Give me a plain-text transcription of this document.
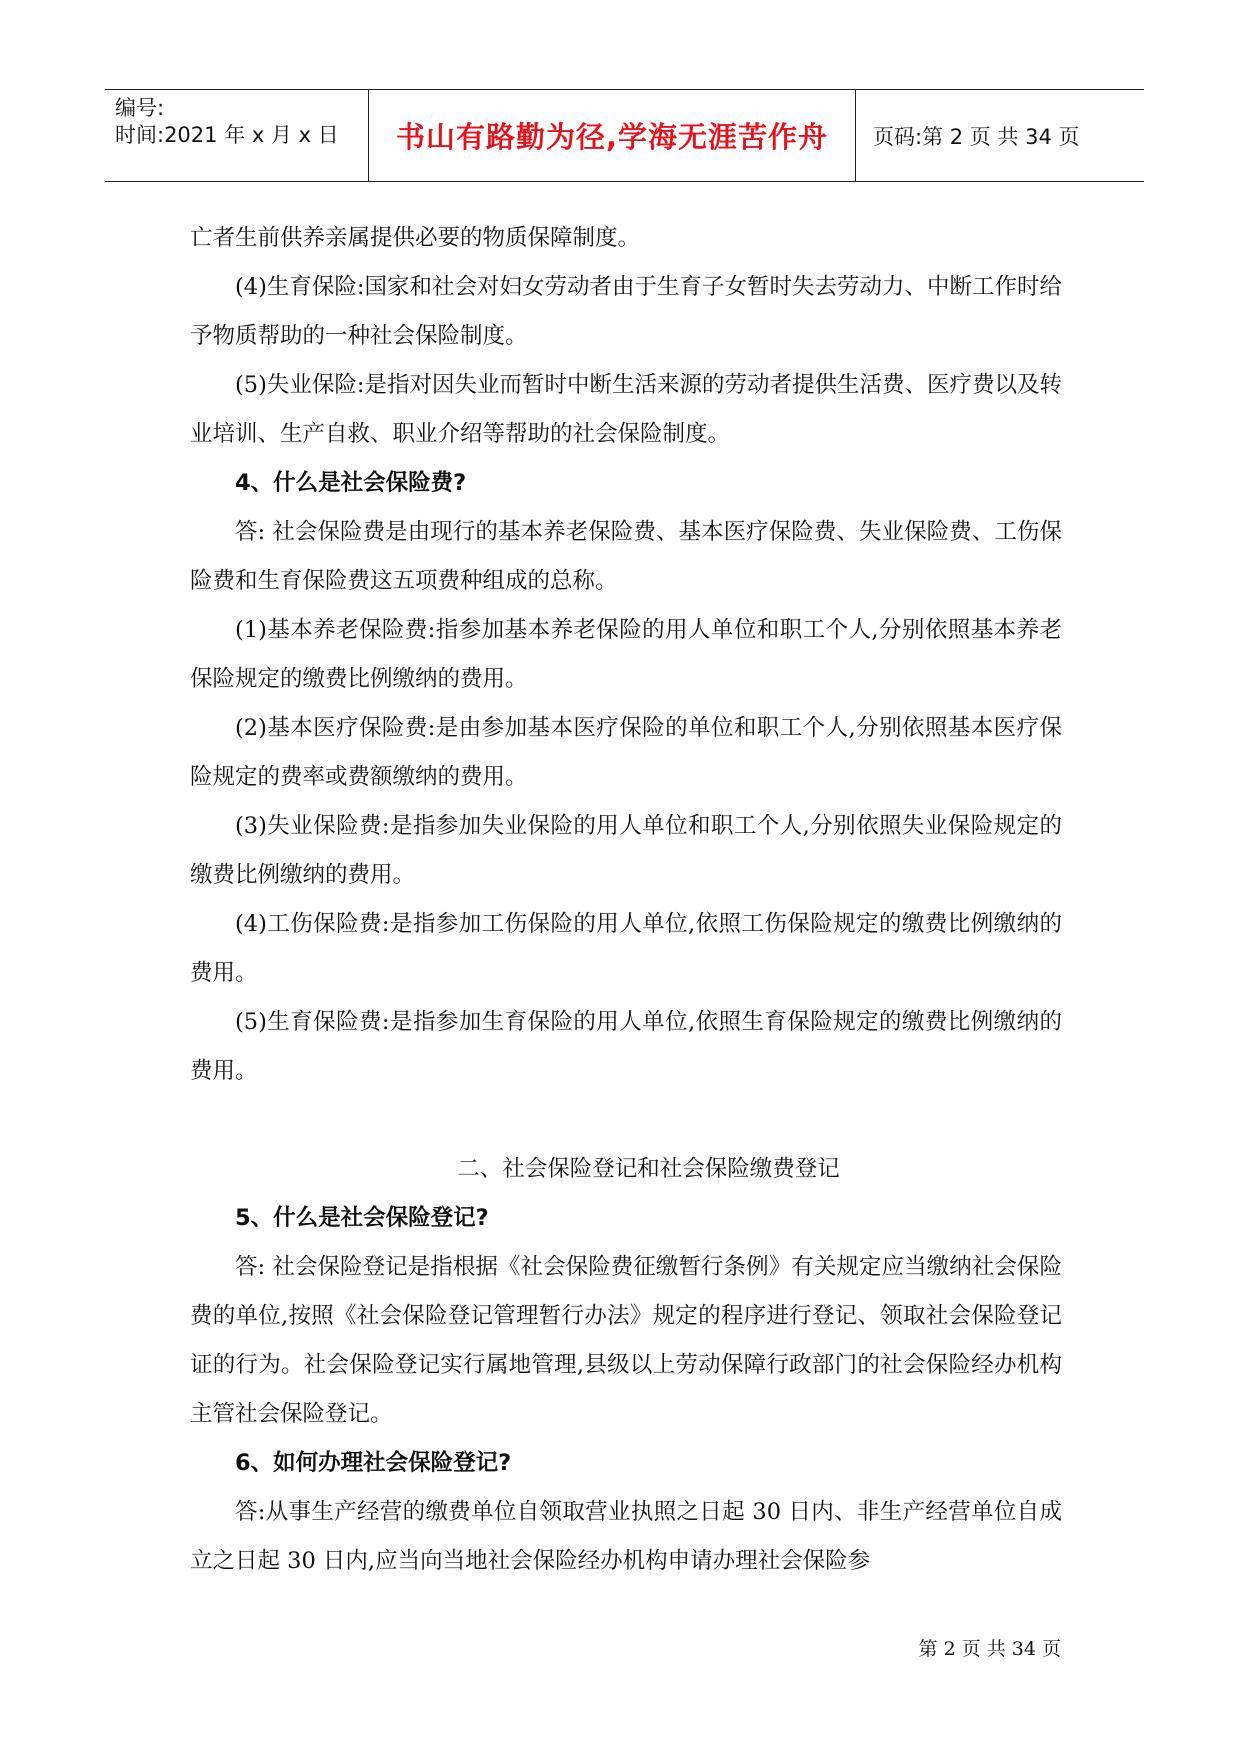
编号:
时间:2021 年 x 月 x 日 书山有路勤为径,学海无涯苦作舟 页码:第 2 页 共 34 页

亡者生前供养亲属提供必要的物质保障制度。

(4)生育保险:国家和社会对妇女劳动者由于生育子女暂时失去劳动力、中断工作时给予物质帮助的一种社会保险制度。

(5)失业保险:是指对因失业而暂时中断生活来源的劳动者提供生活费、医疗费以及转业培训、生产自救、职业介绍等帮助的社会保险制度。

4、什么是社会保险费?

答: 社会保险费是由现行的基本养老保险费、基本医疗保险费、失业保险费、工伤保险费和生育保险费这五项费种组成的总称。

(1)基本养老保险费:指参加基本养老保险的用人单位和职工个人,分别依照基本养老保险规定的缴费比例缴纳的费用。

(2)基本医疗保险费:是由参加基本医疗保险的单位和职工个人,分别依照基本医疗保险规定的费率或费额缴纳的费用。

(3)失业保险费:是指参加失业保险的用人单位和职工个人,分别依照失业保险规定的缴费比例缴纳的费用。

(4)工伤保险费:是指参加工伤保险的用人单位,依照工伤保险规定的缴费比例缴纳的费用。

(5)生育保险费:是指参加生育保险的用人单位,依照生育保险规定的缴费比例缴纳的费用。

二、社会保险登记和社会保险缴费登记

5、什么是社会保险登记?

答: 社会保险登记是指根据《社会保险费征缴暂行条例》有关规定应当缴纳社会保险费的单位,按照《社会保险登记管理暂行办法》规定的程序进行登记、领取社会保险登记证的行为。社会保险登记实行属地管理,县级以上劳动保障行政部门的社会保险经办机构主管社会保险登记。

6、如何办理社会保险登记?

答:从事生产经营的缴费单位自领取营业执照之日起 30 日内、非生产经营单位自成立之日起 30 日内,应当向当地社会保险经办机构申请办理社会保险参

第 2 页 共 34 页
